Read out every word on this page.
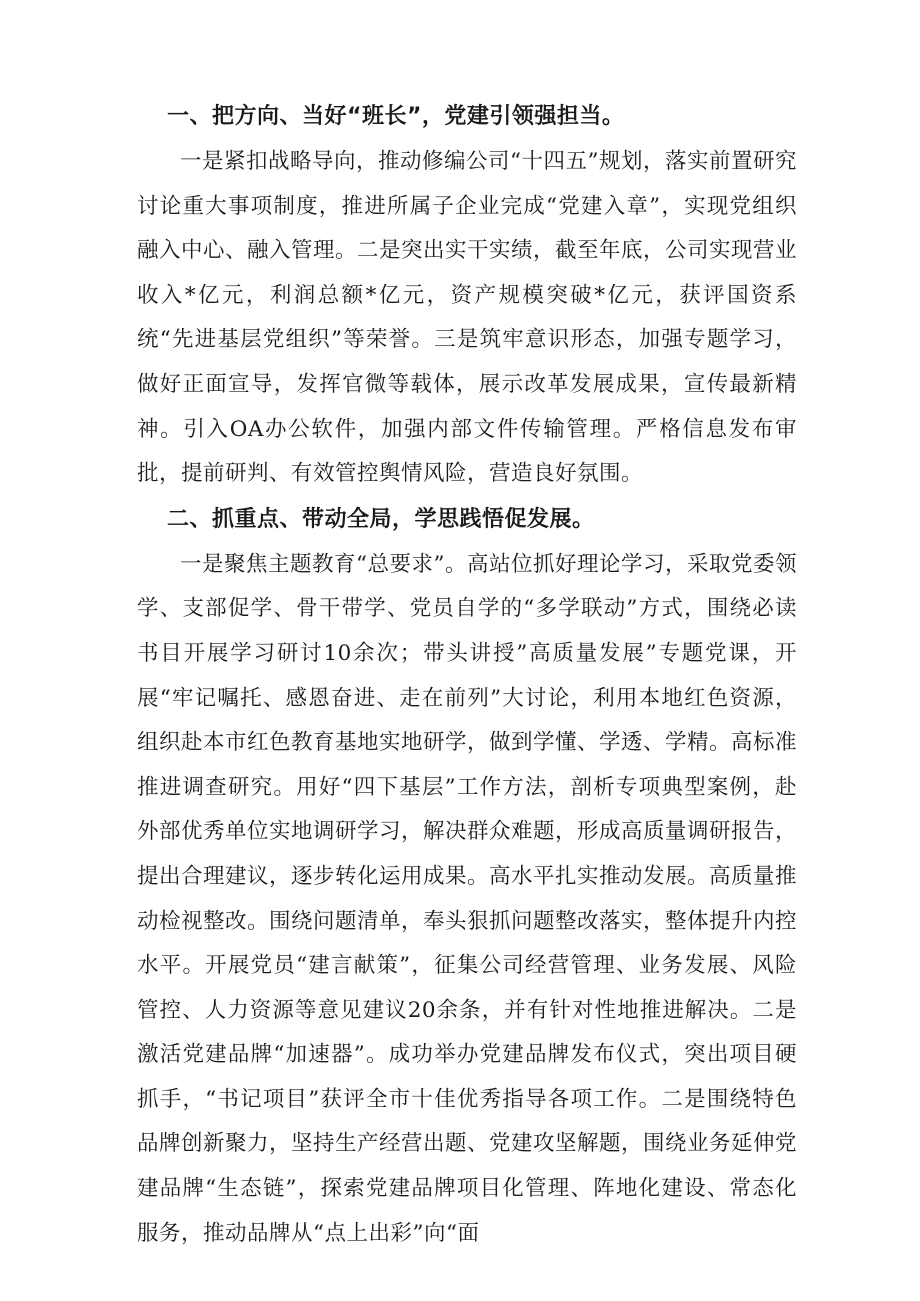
一、把方向、当好“班长”，党建引领强担当。

一是紧扣战略导向，推动修编公司“十四五”规划，落实前置研究讨论重大事项制度，推进所属子企业完成“党建入章”，实现党组织融入中心、融入管理。二是突出实干实绩，截至年底，公司实现营业收入*亿元，利润总额*亿元，资产规模突破*亿元，获评国资系统“先进基层党组织”等荣誉。三是筑牢意识形态，加强专题学习，做好正面宣导，发挥官微等载体，展示改革发展成果，宣传最新精神。引入OA办公软件，加强内部文件传输管理。严格信息发布审批，提前研判、有效管控舆情风险，营造良好氛围。

二、抓重点、带动全局，学思践悟促发展。

一是聚焦主题教育“总要求”。高站位抓好理论学习，采取党委领学、支部促学、骨干带学、党员自学的“多学联动”方式，围绕必读书目开展学习研讨10余次；带头讲授”高质量发展”专题党课，开展“牢记嘱托、感恩奋进、走在前列”大讨论，利用本地红色资源，组织赴本市红色教育基地实地研学，做到学懂、学透、学精。高标准推进调查研究。用好“四下基层”工作方法，剖析专项典型案例，赴外部优秀单位实地调研学习，解决群众难题，形成高质量调研报告，提出合理建议，逐步转化运用成果。高水平扎实推动发展。高质量推动检视整改。围绕问题清单，奉头狠抓问题整改落实，整体提升内控水平。开展党员“建言献策”，征集公司经营管理、业务发展、风险管控、人力资源等意见建议20余条，并有针对性地推进解决。二是激活党建品牌“加速器”。成功举办党建品牌发布仪式，突出项目硬抓手，“书记项目”获评全市十佳优秀指导各项工作。二是围绕特色品牌创新聚力，坚持生产经营出题、党建攻坚解题，围绕业务延伸党建品牌“生态链”，探索党建品牌项目化管理、阵地化建设、常态化服务，推动品牌从“点上出彩”向“面
